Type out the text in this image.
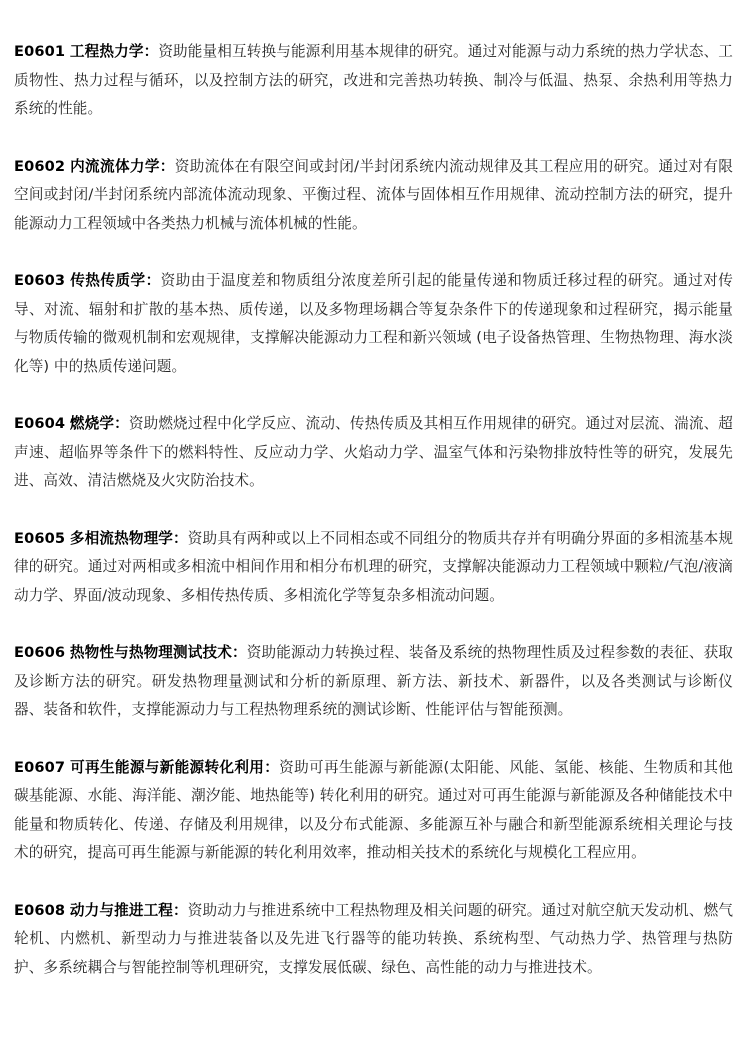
E0601 工程热力学：资助能量相互转换与能源利用基本规律的研究。通过对能源与动力系统的热力学状态、工质物性、热力过程与循环，以及控制方法的研究，改进和完善热功转换、制冷与低温、热泵、余热利用等热力系统的性能。

E0602 内流流体力学：资助流体在有限空间或封闭/半封闭系统内流动规律及其工程应用的研究。通过对有限空间或封闭/半封闭系统内部流体流动现象、平衡过程、流体与固体相互作用规律、流动控制方法的研究，提升能源动力工程领域中各类热力机械与流体机械的性能。

E0603 传热传质学：资助由于温度差和物质组分浓度差所引起的能量传递和物质迁移过程的研究。通过对传导、对流、辐射和扩散的基本热、质传递，以及多物理场耦合等复杂条件下的传递现象和过程研究，揭示能量与物质传输的微观机制和宏观规律，支撑解决能源动力工程和新兴领域 (电子设备热管理、生物热物理、海水淡化等) 中的热质传递问题。

E0604 燃烧学：资助燃烧过程中化学反应、流动、传热传质及其相互作用规律的研究。通过对层流、湍流、超声速、超临界等条件下的燃料特性、反应动力学、火焰动力学、温室气体和污染物排放特性等的研究，发展先进、高效、清洁燃烧及火灾防治技术。

E0605 多相流热物理学：资助具有两种或以上不同相态或不同组分的物质共存并有明确分界面的多相流基本规律的研究。通过对两相或多相流中相间作用和相分布机理的研究，支撑解决能源动力工程领域中颗粒/气泡/液滴动力学、界面/波动现象、多相传热传质、多相流化学等复杂多相流动问题。

E0606 热物性与热物理测试技术：资助能源动力转换过程、装备及系统的热物理性质及过程参数的表征、获取及诊断方法的研究。研发热物理量测试和分析的新原理、新方法、新技术、新器件，以及各类测试与诊断仪器、装备和软件，支撑能源动力与工程热物理系统的测试诊断、性能评估与智能预测。

E0607 可再生能源与新能源转化利用：资助可再生能源与新能源(太阳能、风能、氢能、核能、生物质和其他碳基能源、水能、海洋能、潮汐能、地热能等) 转化利用的研究。通过对可再生能源与新能源及各种储能技术中能量和物质转化、传递、存储及利用规律，以及分布式能源、多能源互补与融合和新型能源系统相关理论与技术的研究，提高可再生能源与新能源的转化利用效率，推动相关技术的系统化与规模化工程应用。

E0608 动力与推进工程：资助动力与推进系统中工程热物理及相关问题的研究。通过对航空航天发动机、燃气轮机、内燃机、新型动力与推进装备以及先进飞行器等的能功转换、系统构型、气动热力学、热管理与热防护、多系统耦合与智能控制等机理研究，支撑发展低碳、绿色、高性能的动力与推进技术。
